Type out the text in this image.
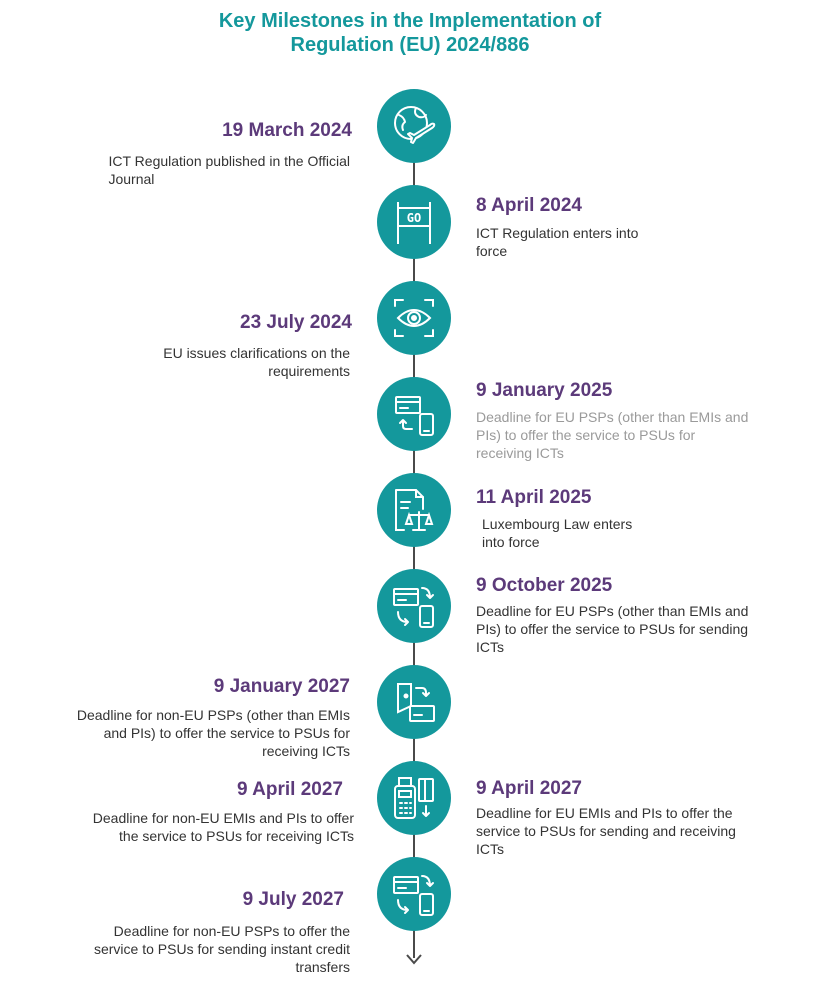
Key Milestones in the Implementation of
Regulation (EU) 2024/886
GO
19 March 2024
ICT Regulation published in the Official
Journal
8 April 2024
ICT Regulation enters into
force
23 July 2024
EU issues clarifications on the
requirements
9 January 2025
Deadline for EU PSPs (other than EMIs and
PIs) to offer the service to PSUs for
receiving ICTs
11 April 2025
Luxembourg Law enters
into force
9 October 2025
Deadline for EU PSPs (other than EMIs and
PIs) to offer the service to PSUs for sending
ICTs
9 January 2027
Deadline for non-EU PSPs (other than EMIs
and PIs) to offer the service to PSUs for
receiving ICTs
9 April 2027
Deadline for non-EU EMIs and PIs to offer
the service to PSUs for receiving ICTs
9 April 2027
Deadline for EU EMIs and PIs to offer the
service to PSUs for sending and receiving
ICTs
9 July 2027
Deadline for non-EU PSPs to offer the
service to PSUs for sending instant credit
transfers
